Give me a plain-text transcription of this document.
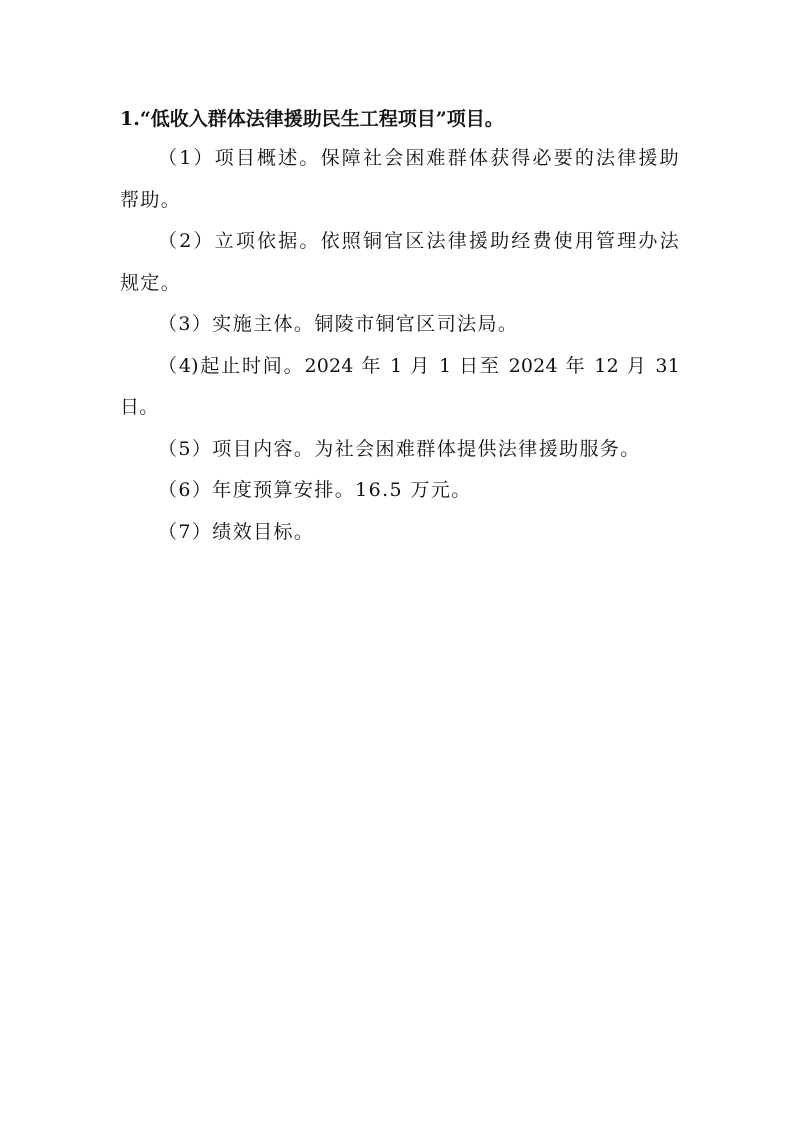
1.“低收入群体法律援助民生工程项目”项目。

（1）项目概述。保障社会困难群体获得必要的法律援助帮助。

（2）立项依据。依照铜官区法律援助经费使用管理办法规定。

（3）实施主体。铜陵市铜官区司法局。

（4)起止时间。2024 年 1 月 1 日至 2024 年 12 月 31 日。

（5）项目内容。为社会困难群体提供法律援助服务。

（6）年度预算安排。16.5 万元。

（7）绩效目标。
